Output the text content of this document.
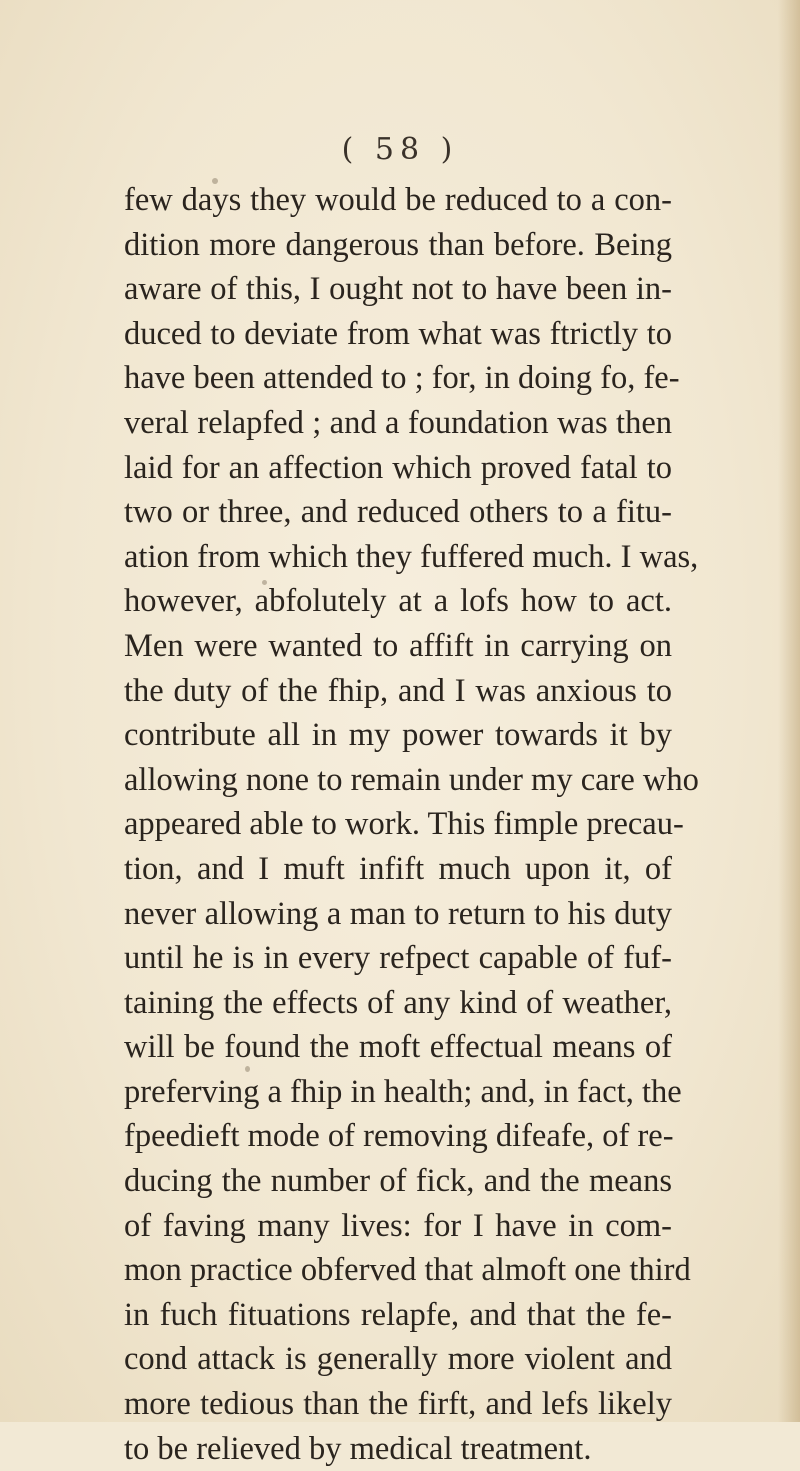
( 58 )
few days they would be reduced to a con-
dition more dangerous than before. Being
aware of this, I ought not to have been in-
duced to deviate from what was ftrictly to
have been attended to ; for, in doing fo, fe-
veral relapfed ; and a foundation was then
laid for an affection which proved fatal to
two or three, and reduced others to a fitu-
ation from which they fuffered much. I was,
however, abfolutely at a lofs how to act.
Men were wanted to affift in carrying on
the duty of the fhip, and I was anxious to
contribute all in my power towards it by
allowing none to remain under my care who
appeared able to work. This fimple precau-
tion, and I muft infift much upon it, of
never allowing a man to return to his duty
until he is in every refpect capable of fuf-
taining the effects of any kind of weather,
will be found the moft effectual means of
preferving a fhip in health; and, in fact, the
fpeedieft mode of removing difeafe, of re-
ducing the number of fick, and the means
of faving many lives: for I have in com-
mon practice obferved that almoft one third
in fuch fituations relapfe, and that the fe-
cond attack is generally more violent and
more tedious than the firft, and lefs likely
to be relieved by medical treatment.
